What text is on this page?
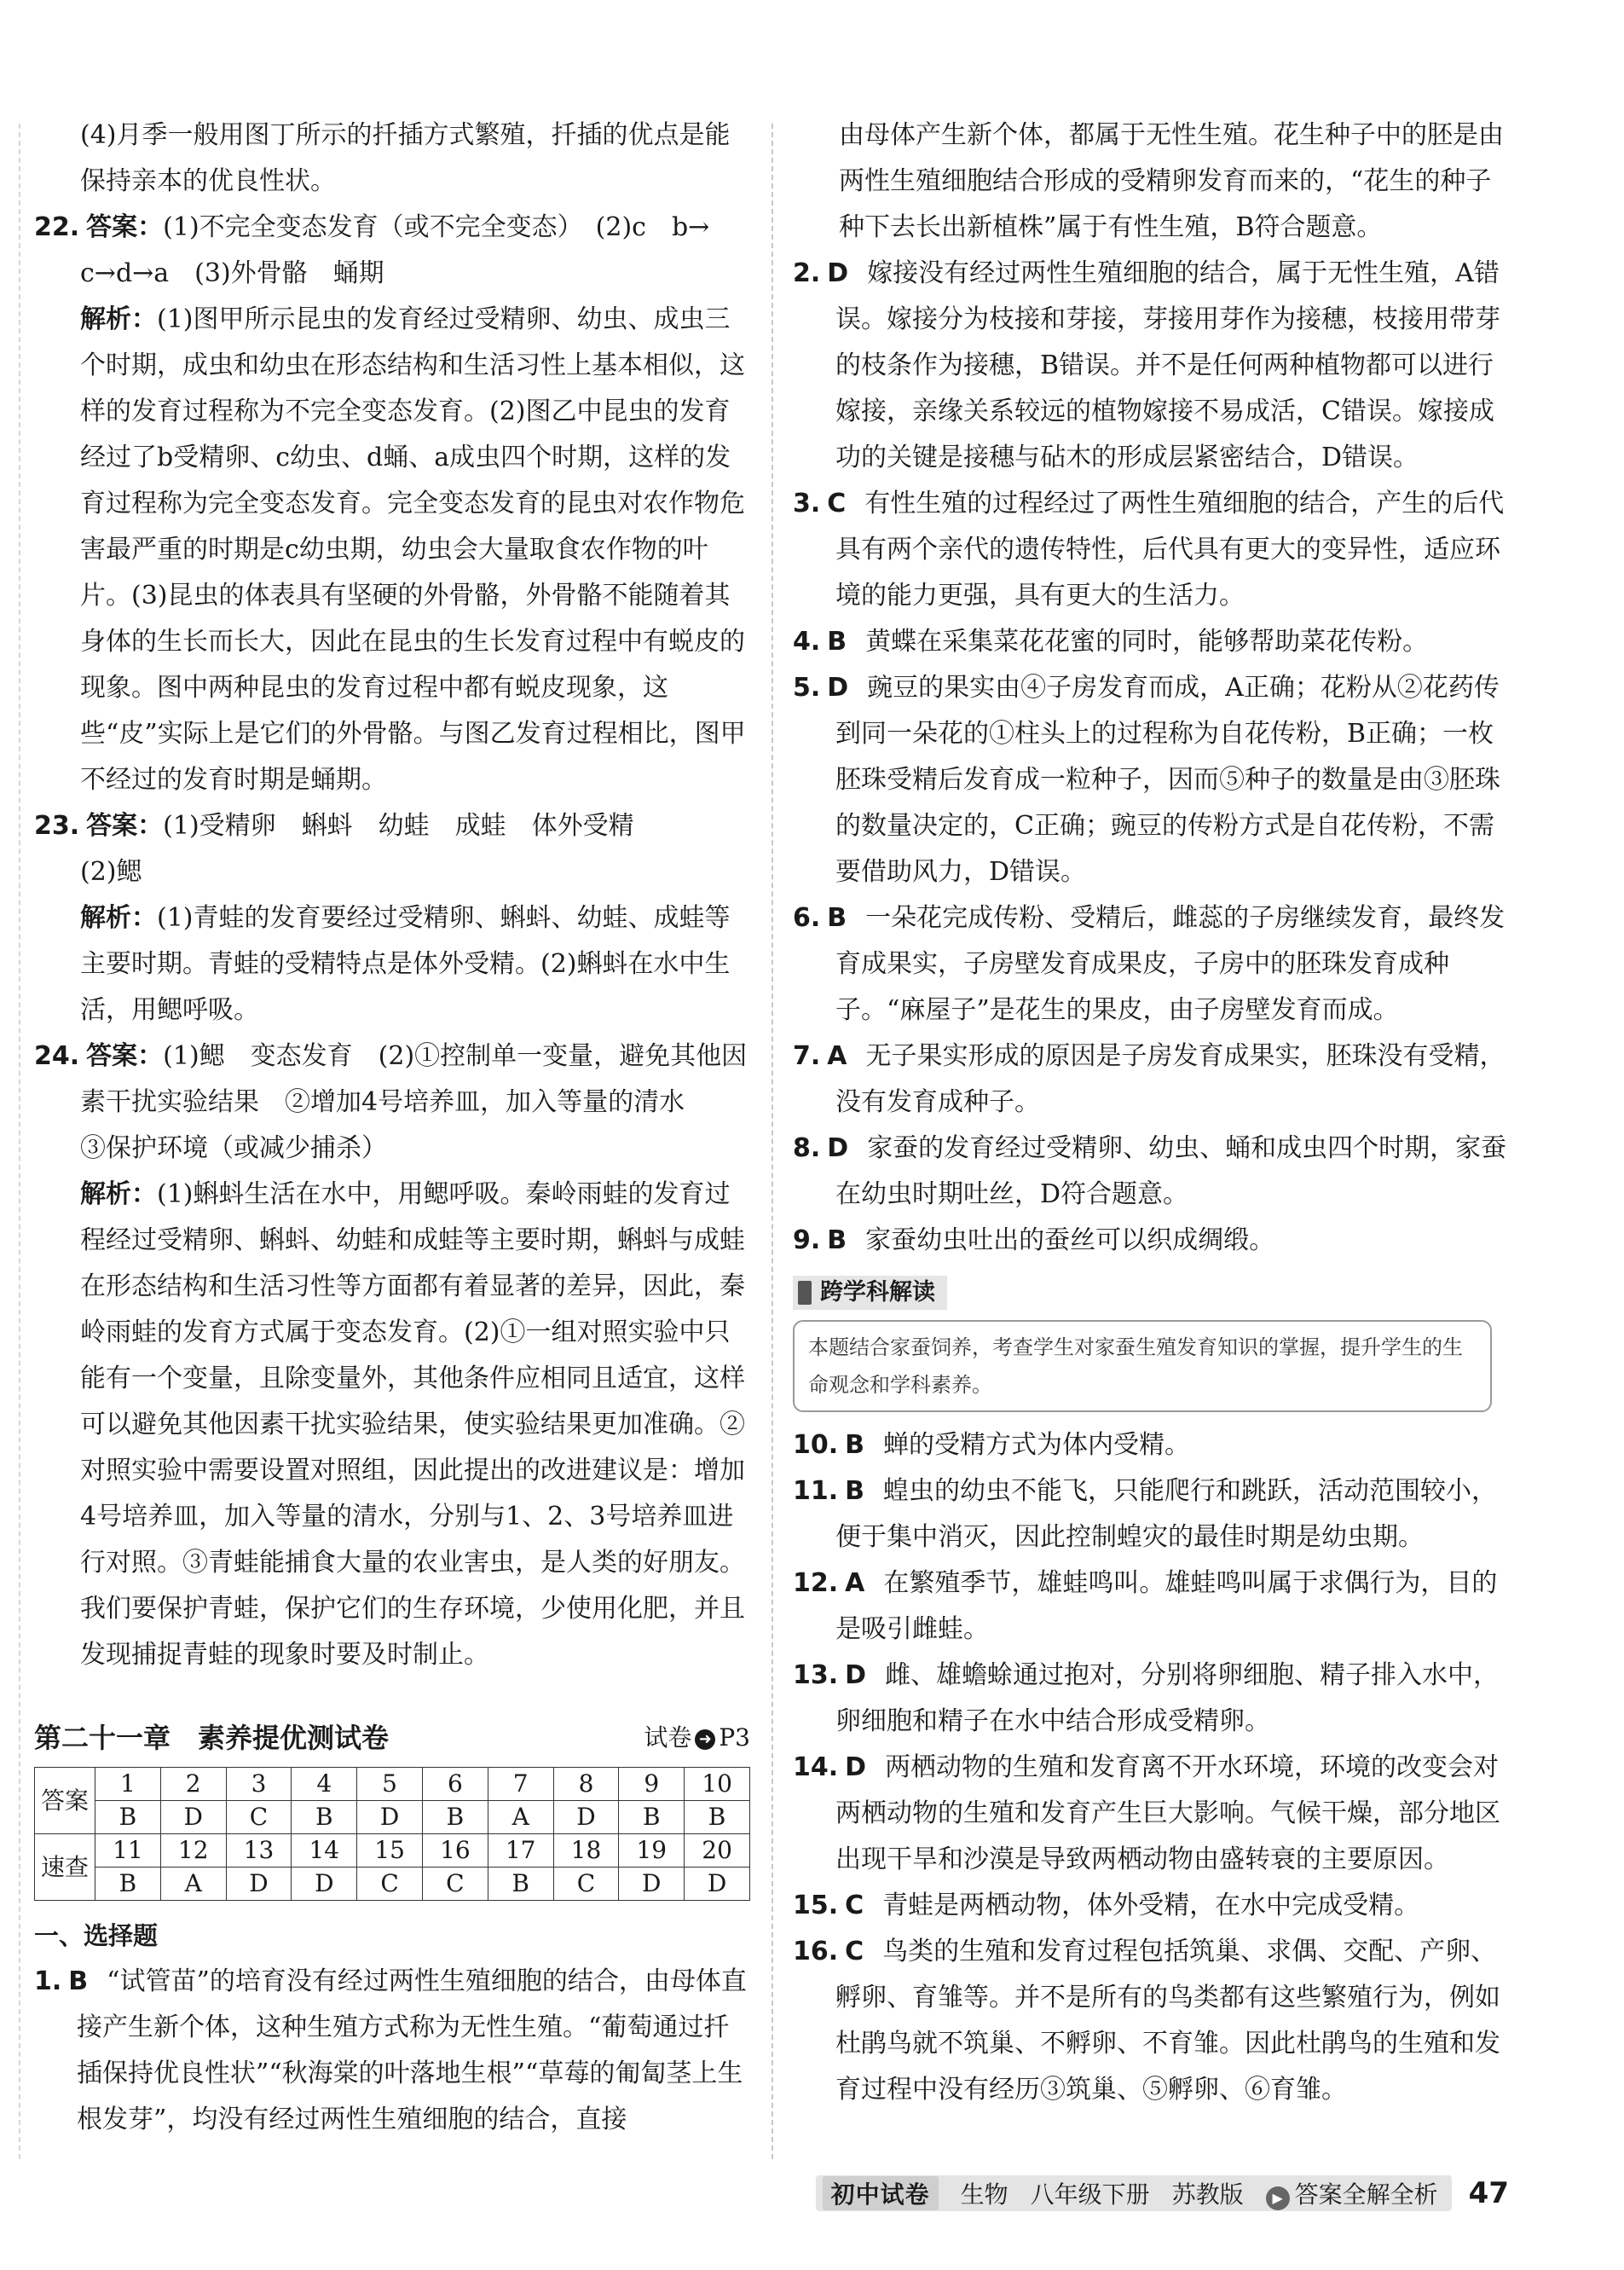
(4)月季一般用图丁所示的扦插方式繁殖，扦插的优点是能保持亲本的优良性状。

22. 答案：(1)不完全变态发育（或不完全变态）　(2)c　b→

c→d→a　(3)外骨骼　蛹期

解析：(1)图甲所示昆虫的发育经过受精卵、幼虫、成虫三个时期，成虫和幼虫在形态结构和生活习性上基本相似，这样的发育过程称为不完全变态发育。(2)图乙中昆虫的发育经过了b受精卵、c幼虫、d蛹、a成虫四个时期，这样的发育过程称为完全变态发育。完全变态发育的昆虫对农作物危害最严重的时期是c幼虫期，幼虫会大量取食农作物的叶片。(3)昆虫的体表具有坚硬的外骨骼，外骨骼不能随着其身体的生长而长大，因此在昆虫的生长发育过程中有蜕皮的现象。图中两种昆虫的发育过程中都有蜕皮现象，这些“皮”实际上是它们的外骨骼。与图乙发育过程相比，图甲不经过的发育时期是蛹期。

23. 答案：(1)受精卵　蝌蚪　幼蛙　成蛙　体外受精

(2)鳃

解析：(1)青蛙的发育要经过受精卵、蝌蚪、幼蛙、成蛙等主要时期。青蛙的受精特点是体外受精。(2)蝌蚪在水中生活，用鳃呼吸。

24. 答案：(1)鳃　变态发育　(2)①控制单一变量，避免其他因素干扰实验结果　②增加4号培养皿，加入等量的清水

③保护环境（或减少捕杀）

解析：(1)蝌蚪生活在水中，用鳃呼吸。秦岭雨蛙的发育过程经过受精卵、蝌蚪、幼蛙和成蛙等主要时期，蝌蚪与成蛙在形态结构和生活习性等方面都有着显著的差异，因此，秦岭雨蛙的发育方式属于变态发育。(2)①一组对照实验中只能有一个变量，且除变量外，其他条件应相同且适宜，这样可以避免其他因素干扰实验结果，使实验结果更加准确。②对照实验中需要设置对照组，因此提出的改进建议是：增加4号培养皿，加入等量的清水，分别与1、2、3号培养皿进行对照。③青蛙能捕食大量的农业害虫，是人类的好朋友。我们要保护青蛙，保护它们的生存环境，少使用化肥，并且发现捕捉青蛙的现象时要及时制止。

第二十一章　素养提优测试卷	试卷 ➜ P3
答案	1	2	3	4	5	6	7	8	9	10
	B	D	C	B	D	B	A	D	B	B
速查	11	12	13	14	15	16	17	18	19	20
	B	A	D	D	C	C	B	C	D	D

一、选择题

1. B “试管苗”的培育没有经过两性生殖细胞的结合，由母体直接产生新个体，这种生殖方式称为无性生殖。“葡萄通过扦插保持优良性状”“秋海棠的叶落地生根”“草莓的匍匐茎上生根发芽”，均没有经过两性生殖细胞的结合，直接

由母体产生新个体，都属于无性生殖。花生种子中的胚是由两性生殖细胞结合形成的受精卵发育而来的，“花生的种子种下去长出新植株”属于有性生殖，B符合题意。

2. D 嫁接没有经过两性生殖细胞的结合，属于无性生殖，A错误。嫁接分为枝接和芽接，芽接用芽作为接穗，枝接用带芽的枝条作为接穗，B错误。并不是任何两种植物都可以进行嫁接，亲缘关系较远的植物嫁接不易成活，C错误。嫁接成功的关键是接穗与砧木的形成层紧密结合，D错误。

3. C 有性生殖的过程经过了两性生殖细胞的结合，产生的后代具有两个亲代的遗传特性，后代具有更大的变异性，适应环境的能力更强，具有更大的生活力。

4. B 黄蝶在采集菜花花蜜的同时，能够帮助菜花传粉。

5. D 豌豆的果实由④子房发育而成，A正确；花粉从②花药传到同一朵花的①柱头上的过程称为自花传粉，B正确；一枚胚珠受精后发育成一粒种子，因而⑤种子的数量是由③胚珠的数量决定的，C正确；豌豆的传粉方式是自花传粉，不需要借助风力，D错误。

6. B 一朵花完成传粉、受精后，雌蕊的子房继续发育，最终发育成果实，子房壁发育成果皮，子房中的胚珠发育成种子。“麻屋子”是花生的果皮，由子房壁发育而成。

7. A 无子果实形成的原因是子房发育成果实，胚珠没有受精，没有发育成种子。

8. D 家蚕的发育经过受精卵、幼虫、蛹和成虫四个时期，家蚕在幼虫时期吐丝，D符合题意。

9. B 家蚕幼虫吐出的蚕丝可以织成绸缎。

跨学科解读
本题结合家蚕饲养，考查学生对家蚕生殖发育知识的掌握，提升学生的生命观念和学科素养。

10. B 蝉的受精方式为体内受精。

11. B 蝗虫的幼虫不能飞，只能爬行和跳跃，活动范围较小，便于集中消灭，因此控制蝗灾的最佳时期是幼虫期。

12. A 在繁殖季节，雄蛙鸣叫。雄蛙鸣叫属于求偶行为，目的是吸引雌蛙。

13. D 雌、雄蟾蜍通过抱对，分别将卵细胞、精子排入水中，卵细胞和精子在水中结合形成受精卵。

14. D 两栖动物的生殖和发育离不开水环境，环境的改变会对两栖动物的生殖和发育产生巨大影响。气候干燥，部分地区出现干旱和沙漠是导致两栖动物由盛转衰的主要原因。

15. C 青蛙是两栖动物，体外受精，在水中完成受精。

16. C 鸟类的生殖和发育过程包括筑巢、求偶、交配、产卵、孵卵、育雏等。并不是所有的鸟类都有这些繁殖行为，例如杜鹃鸟就不筑巢、不孵卵、不育雏。因此杜鹃鸟的生殖和发育过程中没有经历③筑巢、⑤孵卵、⑥育雏。

初中试卷	生物 八年级下册 苏教版	▶ 答案全解全析 47
